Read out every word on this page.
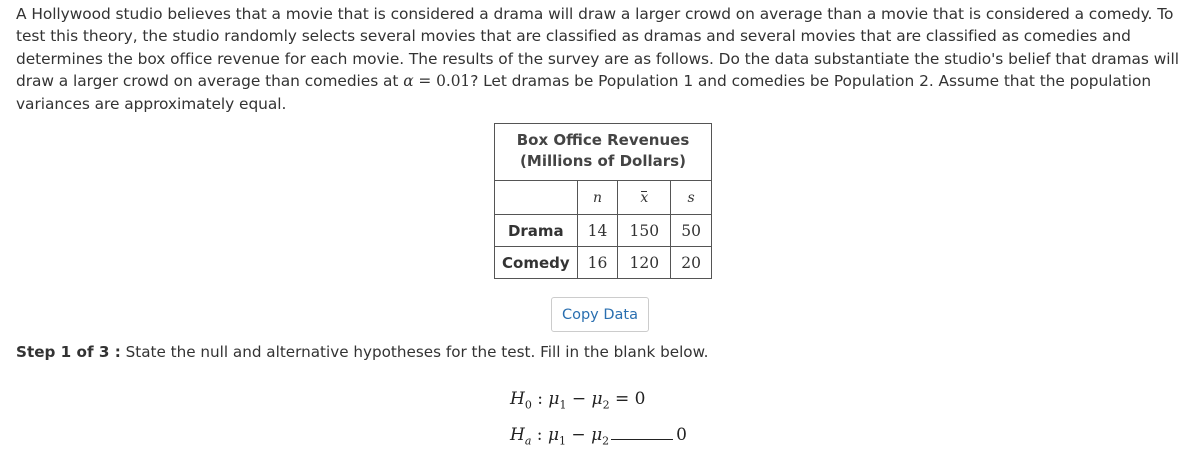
A Hollywood studio believes that a movie that is considered a drama will draw a larger crowd on average than a movie that is considered a comedy. To test this theory, the studio randomly selects several movies that are classified as dramas and several movies that are classified as comedies and determines the box office revenue for each movie. The results of the survey are as follows. Do the data substantiate the studio's belief that dramas will draw a larger crowd on average than comedies at α = 0.01? Let dramas be Population 1 and comedies be Population 2. Assume that the population variances are approximately equal.
Box Office Revenues
(Millions of Dollars)			

	n	x	s
Drama	14	150	50
Comedy	16	120	20
Copy Data
Step 1 of 3 : State the null and alternative hypotheses for the test. Fill in the blank below.
$H_0$ : $\mu_1 - \mu_2 = 0$
$H_a$ : $\mu_1 - \mu_2$	0
